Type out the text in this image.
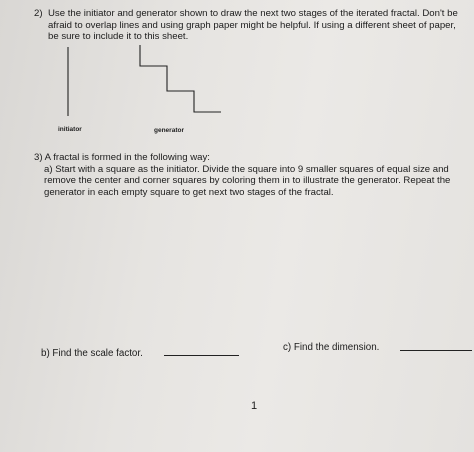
2) Use the initiator and generator shown to draw the next two stages of the iterated fractal. Don't be afraid to overlap lines and using graph paper might be helpful. If using a different sheet of paper, be sure to include it to this sheet.
initiator	generator
3) A fractal is formed in the following way:
a) Start with a square as the initiator. Divide the square into 9 smaller squares of equal size and remove the center and corner squares by coloring them in to illustrate the generator. Repeat the generator in each empty square to get next two stages of the fractal.
b) Find the scale factor.
c) Find the dimension.
1
